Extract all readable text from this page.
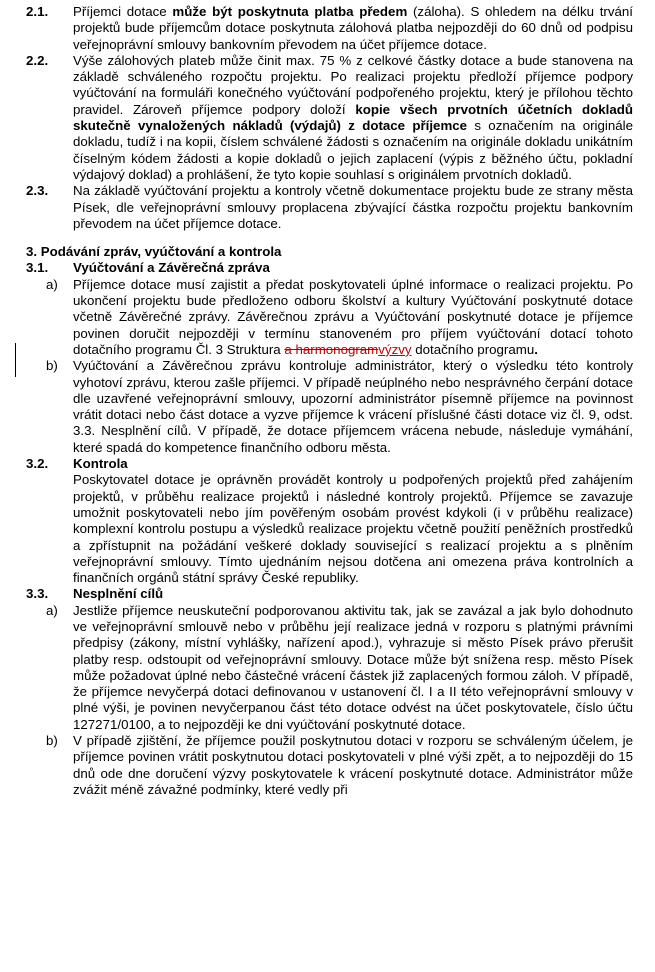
2.1. Příjemci dotace může být poskytnuta platba předem (záloha). S ohledem na délku trvání projektů bude příjemcům dotace poskytnuta zálohová platba nejpozději do 60 dnů od podpisu veřejnoprávní smlouvy bankovním převodem na účet příjemce dotace.
2.2. Výše zálohových plateb může činit max. 75 % z celkové částky dotace a bude stanovena na základě schváleného rozpočtu projektu. Po realizaci projektu předloží příjemce podpory vyúčtování na formuláři konečného vyúčtování podpořeného projektu, který je přílohou těchto pravidel. Zároveň příjemce podpory doloží kopie všech prvotních účetních dokladů skutečně vynaložených nákladů (výdajů) z dotace příjemce s označením na originále dokladu, tudíž i na kopii, číslem schválené žádosti s označením na originále dokladu unikátním číselným kódem žádosti a kopie dokladů o jejich zaplacení (výpis z běžného účtu, pokladní výdajový doklad) a prohlášení, že tyto kopie souhlasí s originálem prvotních dokladů.
2.3. Na základě vyúčtování projektu a kontroly včetně dokumentace projektu bude ze strany města Písek, dle veřejnoprávní smlouvy proplacena zbývající částka rozpočtu projektu bankovním převodem na účet příjemce dotace.
3. Podávání zpráv, vyúčtování a kontrola
3.1. Vyúčtování a Závěrečná zpráva
a) Příjemce dotace musí zajistit a předat poskytovateli úplné informace o realizaci projektu. Po ukončení projektu bude předloženo odboru školství a kultury Vyúčtování poskytnuté dotace včetně Závěrečné zprávy. Závěrečnou zprávu a Vyúčtování poskytnuté dotace je příjemce povinen doručit nejpozději v termínu stanoveném pro příjem vyúčtování dotací tohoto dotačního programu Čl. 3 Struktura a harmonogramvýzvy dotačního programu.
b) Vyúčtování a Závěrečnou zprávu kontroluje administrátor, který o výsledku této kontroly vyhotoví zprávu, kterou zašle příjemci. V případě neúplného nebo nesprávného čerpání dotace dle uzavřené veřejnoprávní smlouvy, upozorní administrátor písemně příjemce na povinnost vrátit dotaci nebo část dotace a vyzve příjemce k vrácení příslušné části dotace viz čl. 9, odst. 3.3. Nesplnění cílů. V případě, že dotace příjemcem vrácena nebude, následuje vymáhání, které spadá do kompetence finančního odboru města.
3.2. Kontrola
Poskytovatel dotace je oprávněn provádět kontroly u podpořených projektů před zahájením projektů, v průběhu realizace projektů i následné kontroly projektů. Příjemce se zavazuje umožnit poskytovateli nebo jím pověřeným osobám provést kdykoli (i v průběhu realizace) komplexní kontrolu postupu a výsledků realizace projektu včetně použití peněžních prostředků a zpřístupnit na požádání veškeré doklady související s realizací projektu a s plněním veřejnoprávní smlouvy. Tímto ujednáním nejsou dotčena ani omezena práva kontrolních a finančních orgánů státní správy České republiky.
3.3. Nesplnění cílů
a) Jestliže příjemce neuskuteční podporovanou aktivitu tak, jak se zavázal a jak bylo dohodnuto ve veřejnoprávní smlouvě nebo v průběhu její realizace jedná v rozporu s platnými právními předpisy (zákony, místní vyhlášky, nařízení apod.), vyhrazuje si město Písek právo přerušit platby resp. odstoupit od veřejnoprávní smlouvy. Dotace může být snížena resp. město Písek může požadovat úplné nebo částečné vrácení částek již zaplacených formou záloh. V případě, že příjemce nevyčerpá dotaci definovanou v ustanovení čl. I a II této veřejnoprávní smlouvy v plné výši, je povinen nevyčerpanou část této dotace odvést na účet poskytovatele, číslo účtu 127271/0100, a to nejpozději ke dni vyúčtování poskytnuté dotace.
b) V případě zjištění, že příjemce použil poskytnutou dotaci v rozporu se schváleným účelem, je příjemce povinen vrátit poskytnutou dotaci poskytovateli v plné výši zpět, a to nejpozději do 15 dnů ode dne doručení výzvy poskytovatele k vrácení poskytnuté dotace. Administrátor může zvážit méně závažné podmínky, které vedly při
